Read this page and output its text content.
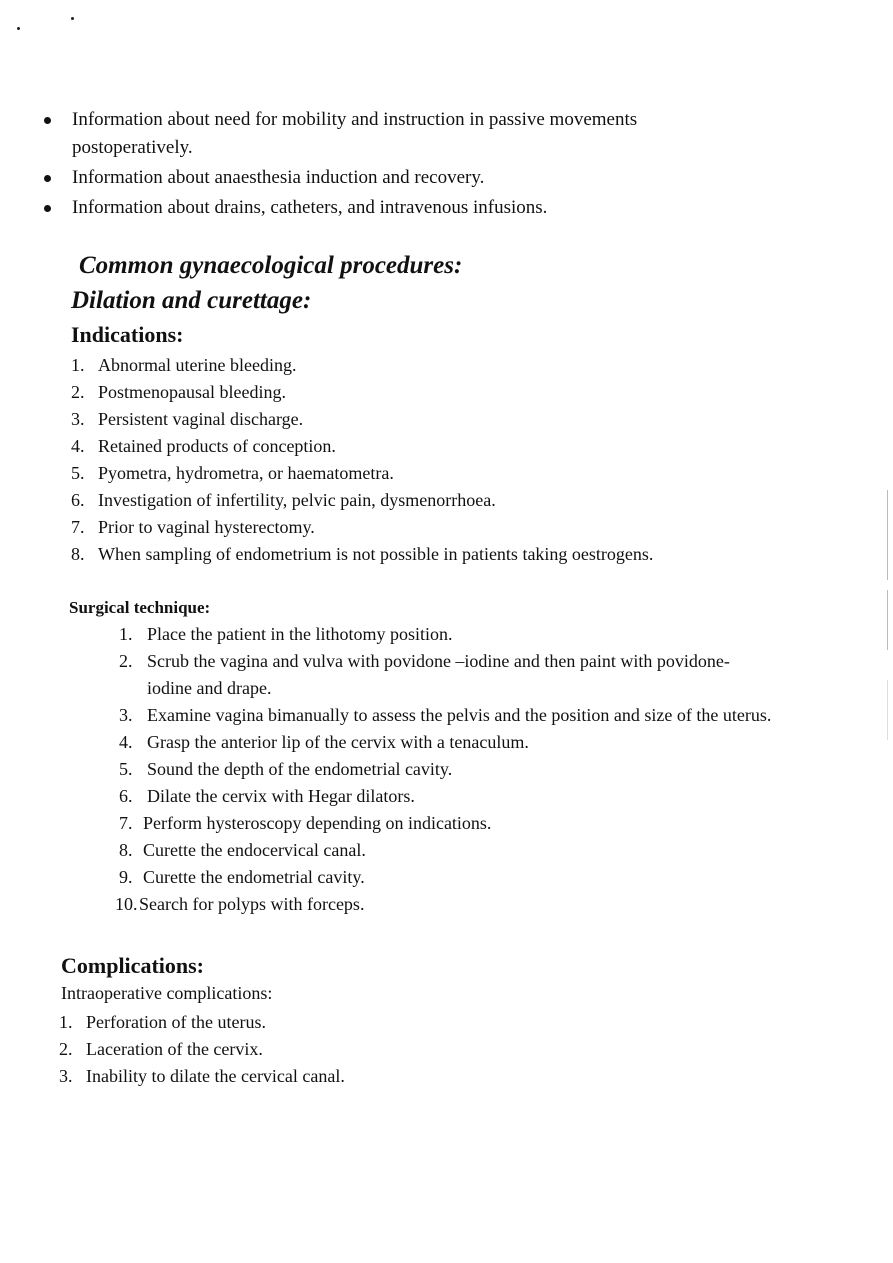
Information about need for mobility and instruction in passive movements postoperatively.
Information about anaesthesia induction and recovery.
Information about drains, catheters, and intravenous infusions.
Common gynaecological procedures:
Dilation and curettage:
Indications:
1. Abnormal uterine bleeding.
2. Postmenopausal bleeding.
3. Persistent vaginal discharge.
4. Retained products of conception.
5. Pyometra, hydrometra, or haematometra.
6. Investigation of infertility, pelvic pain, dysmenorrhoea.
7. Prior to vaginal hysterectomy.
8. When sampling of endometrium is not possible in patients taking oestrogens.
Surgical technique:
1. Place the patient in the lithotomy position.
2. Scrub the vagina and vulva with povidone –iodine and then paint with povidone-iodine and drape.
3. Examine vagina bimanually to assess the pelvis and the position and size of the uterus.
4. Grasp the anterior lip of the cervix with a tenaculum.
5. Sound the depth of the endometrial cavity.
6. Dilate the cervix with Hegar dilators.
7. Perform hysteroscopy depending on indications.
8. Curette the endocervical canal.
9. Curette the endometrial cavity.
10. Search for polyps with forceps.
Complications:

Intraoperative complications:

1. Perforation of the uterus.
2. Laceration of the cervix.
3. Inability to dilate the cervical canal.
